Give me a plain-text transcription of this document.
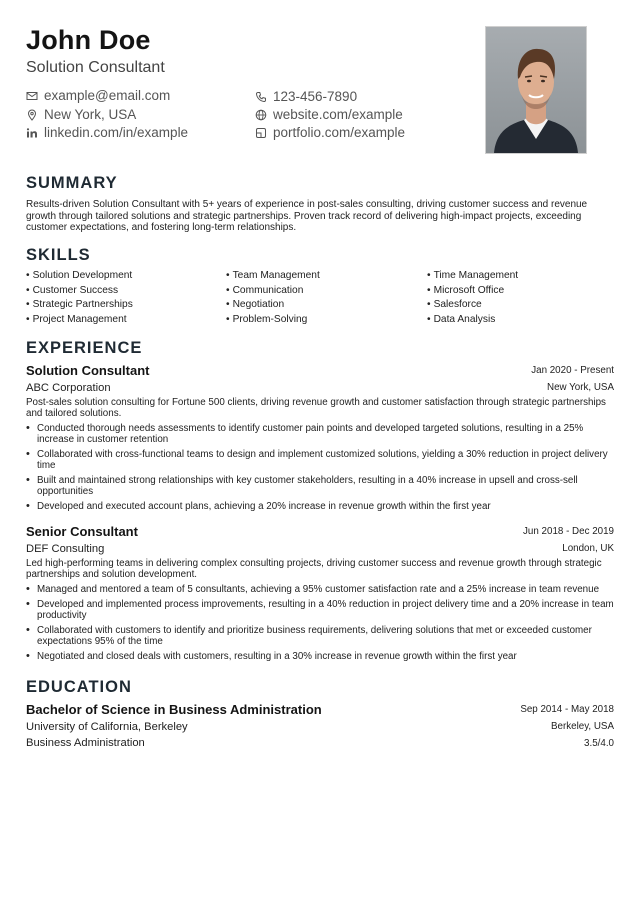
John Doe
Solution Consultant
example@email.com	123-456-7890
New York, USA	website.com/example
linkedin.com/in/example	portfolio.com/example
SUMMARY

Results-driven Solution Consultant with 5+ years of experience in post-sales consulting, driving customer success and revenue growth through tailored solutions and strategic partnerships. Proven track record of delivering high-impact projects, exceeding customer expectations, and fostering long-term relationships.

SKILLS
• Solution Development	• Team Management	• Time Management
• Customer Success	• Communication	• Microsoft Office
• Strategic Partnerships	• Negotiation	• Salesforce
• Project Management	• Problem-Solving	• Data Analysis
EXPERIENCE
Solution Consultant	Jan 2020 - Present
ABC Corporation	New York, USA

Post-sales solution consulting for Fortune 500 clients, driving revenue growth and customer satisfaction through strategic partnerships and tailored solutions.

• Conducted thorough needs assessments to identify customer pain points and developed targeted solutions, resulting in a 25% increase in customer retention
• Collaborated with cross-functional teams to design and implement customized solutions, yielding a 30% reduction in project delivery time
• Built and maintained strong relationships with key customer stakeholders, resulting in a 40% increase in upsell and cross-sell opportunities
• Developed and executed account plans, achieving a 20% increase in revenue growth within the first year
Senior Consultant	Jun 2018 - Dec 2019
DEF Consulting	London, UK

Led high-performing teams in delivering complex consulting projects, driving customer success and revenue growth through strategic partnerships and solution development.

• Managed and mentored a team of 5 consultants, achieving a 95% customer satisfaction rate and a 25% increase in team revenue
• Developed and implemented process improvements, resulting in a 40% reduction in project delivery time and a 20% increase in team productivity
• Collaborated with customers to identify and prioritize business requirements, delivering solutions that met or exceeded customer expectations 95% of the time
• Negotiated and closed deals with customers, resulting in a 30% increase in revenue growth within the first year
EDUCATION
Bachelor of Science in Business Administration	Sep 2014 - May 2018
University of California, Berkeley	Berkeley, USA
Business Administration	3.5/4.0
